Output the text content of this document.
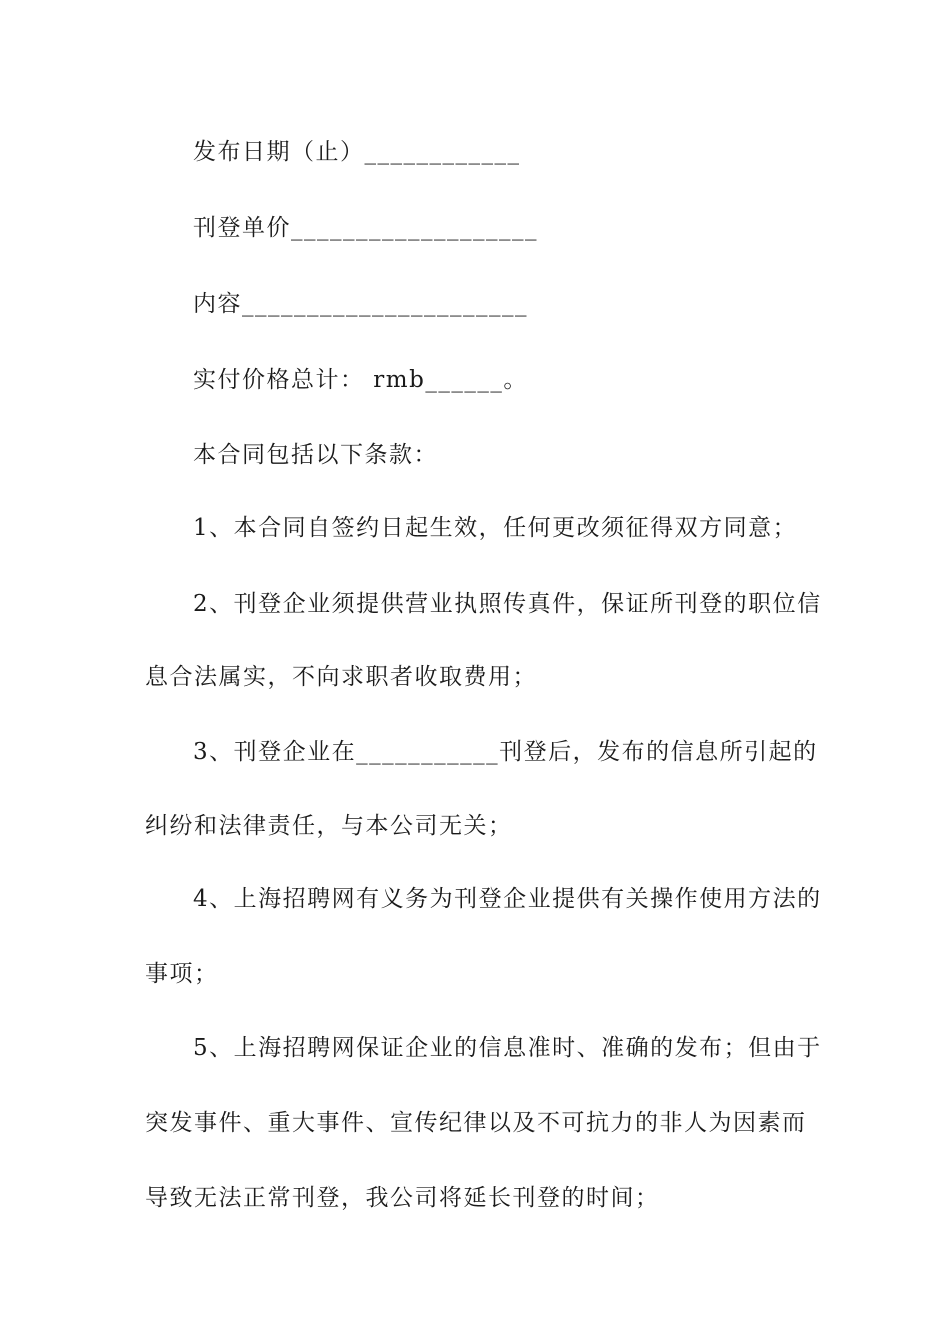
发布日期（止）____________
刊登单价___________________
内容______________________
实付价格总计： rmb______。
本合同包括以下条款：
1、本合同自签约日起生效，任何更改须征得双方同意；
2、刊登企业须提供营业执照传真件，保证所刊登的职位信
息合法属实，不向求职者收取费用；
3、刊登企业在___________刊登后，发布的信息所引起的
纠纷和法律责任，与本公司无关；
4、上海招聘网有义务为刊登企业提供有关操作使用方法的
事项；
5、上海招聘网保证企业的信息准时、准确的发布；但由于
突发事件、重大事件、宣传纪律以及不可抗力的非人为因素而
导致无法正常刊登，我公司将延长刊登的时间；
